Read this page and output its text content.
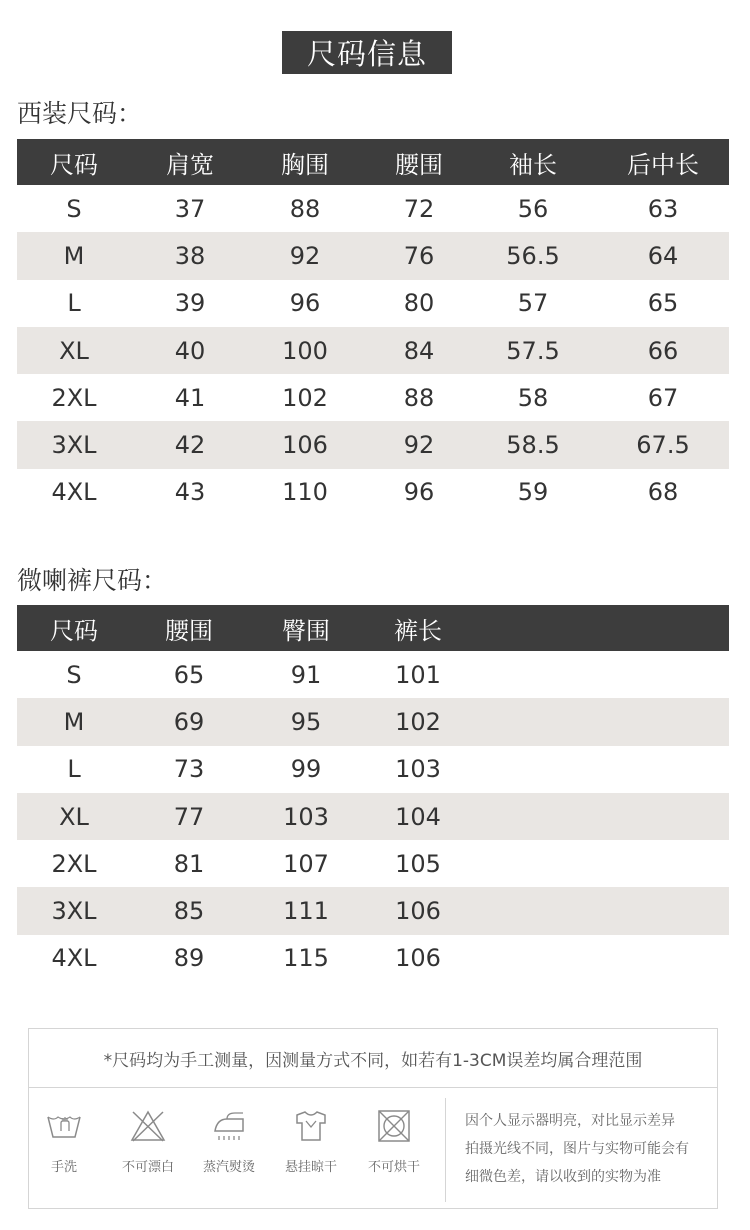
尺码信息
西装尺码：
尺码	肩宽	胸围	腰围	袖长	后中长
S	37	88	72	56	63
M	38	92	76	56.5	64
L	39	96	80	57	65
XL	40	100	84	57.5	66
2XL	41	102	88	58	67
3XL	42	106	92	58.5	67.5
4XL	43	110	96	59	68
微喇裤尺码：
尺码	腰围	臀围	裤长
S	65	91	101
M	69	95	102
L	73	99	103
XL	77	103	104
2XL	81	107	105
3XL	85	111	106
4XL	89	115	106
*尺码均为手工测量，因测量方式不同，如若有1-3CM误差均属合理范围
手洗	不可漂白 蒸汽熨烫 悬挂晾干 不可烘干
因个人显示器明亮，对比显示差异
拍摄光线不同，图片与实物可能会有
细微色差，请以收到的实物为准
